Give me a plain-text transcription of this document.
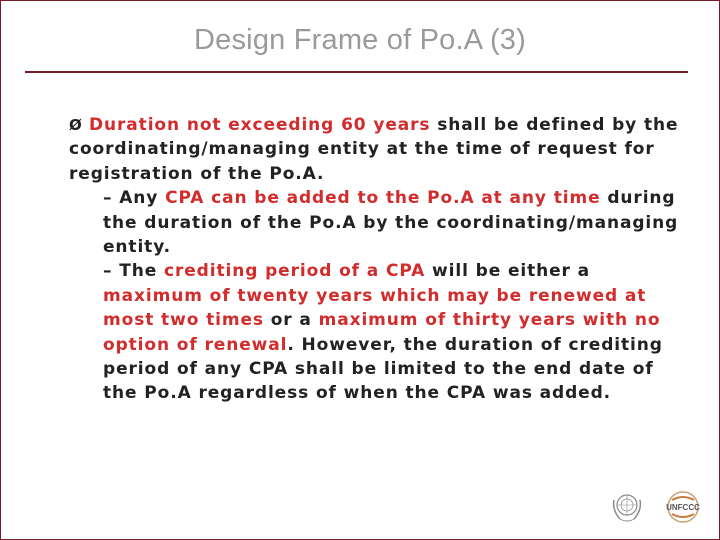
Design Frame of Po.A (3)
Ø Duration not exceeding 60 years shall be defined by the coordinating/managing entity at the time of request for registration of the Po.A.
– Any CPA can be added to the Po.A at any time during the duration of the Po.A by the coordinating/managing entity.
– The crediting period of a CPA will be either a maximum of twenty years which may be renewed at most two times or a maximum of thirty years with no option of renewal. However, the duration of crediting period of any CPA shall be limited to the end date of the Po.A regardless of when the CPA was added.
UNFCCC
